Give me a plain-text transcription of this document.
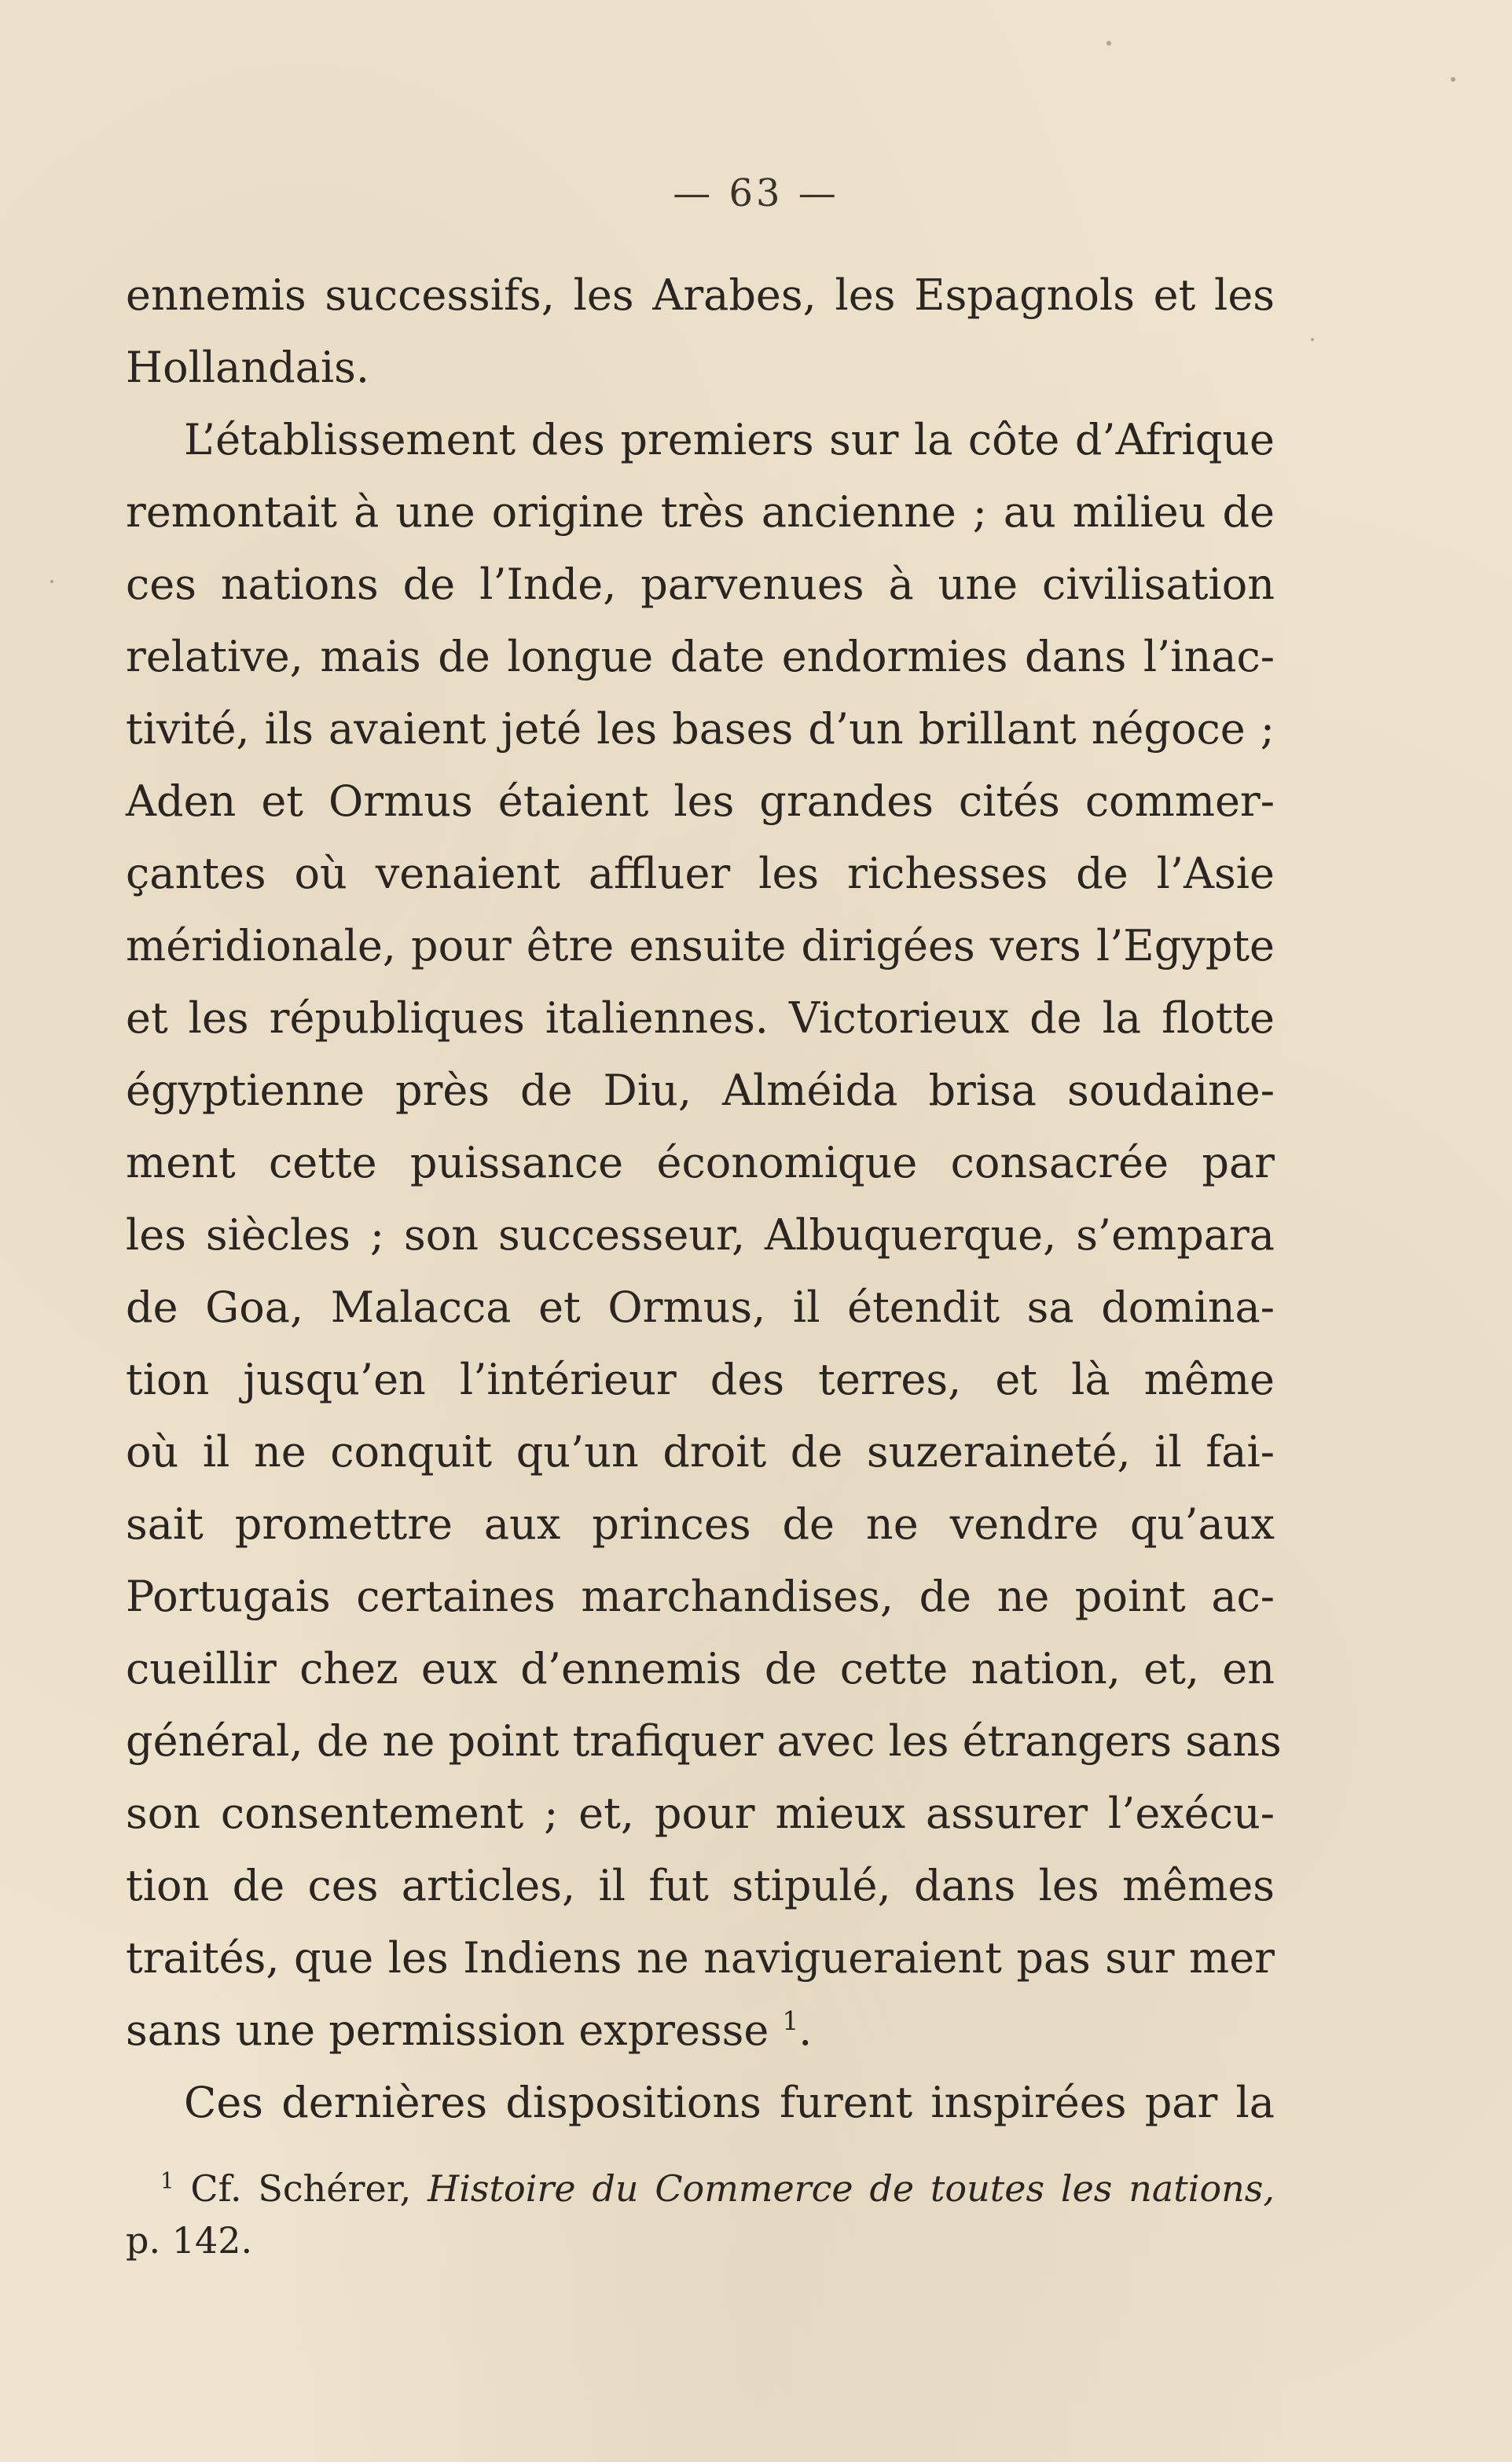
— 63 —
ennemis successifs, les Arabes, les Espagnols et les
Hollandais.
L’établissement des premiers sur la côte d’Afrique
remontait à une origine très ancienne ; au milieu de
ces nations de l’Inde, parvenues à une civilisation
relative, mais de longue date endormies dans l’inac-
tivité, ils avaient jeté les bases d’un brillant négoce ;
Aden et Ormus étaient les grandes cités commer-
çantes où venaient affluer les richesses de l’Asie
méridionale, pour être ensuite dirigées vers l’Egypte
et les républiques italiennes. Victorieux de la flotte
égyptienne près de Diu, Alméida brisa soudaine-
ment cette puissance économique consacrée par
les siècles ; son successeur, Albuquerque, s’empara
de Goa, Malacca et Ormus, il étendit sa domina-
tion jusqu’en l’intérieur des terres, et là même
où il ne conquit qu’un droit de suzeraineté, il fai-
sait promettre aux princes de ne vendre qu’aux
Portugais certaines marchandises, de ne point ac-
cueillir chez eux d’ennemis de cette nation, et, en
général, de ne point trafiquer avec les étrangers sans
son consentement ; et, pour mieux assurer l’exécu-
tion de ces articles, il fut stipulé, dans les mêmes
traités, que les Indiens ne navigueraient pas sur mer
sans une permission expresse $^1$.
Ces dernières dispositions furent inspirées par la
$^1$ Cf. Schérer, Histoire du Commerce de toutes les nations,
p. 142.
